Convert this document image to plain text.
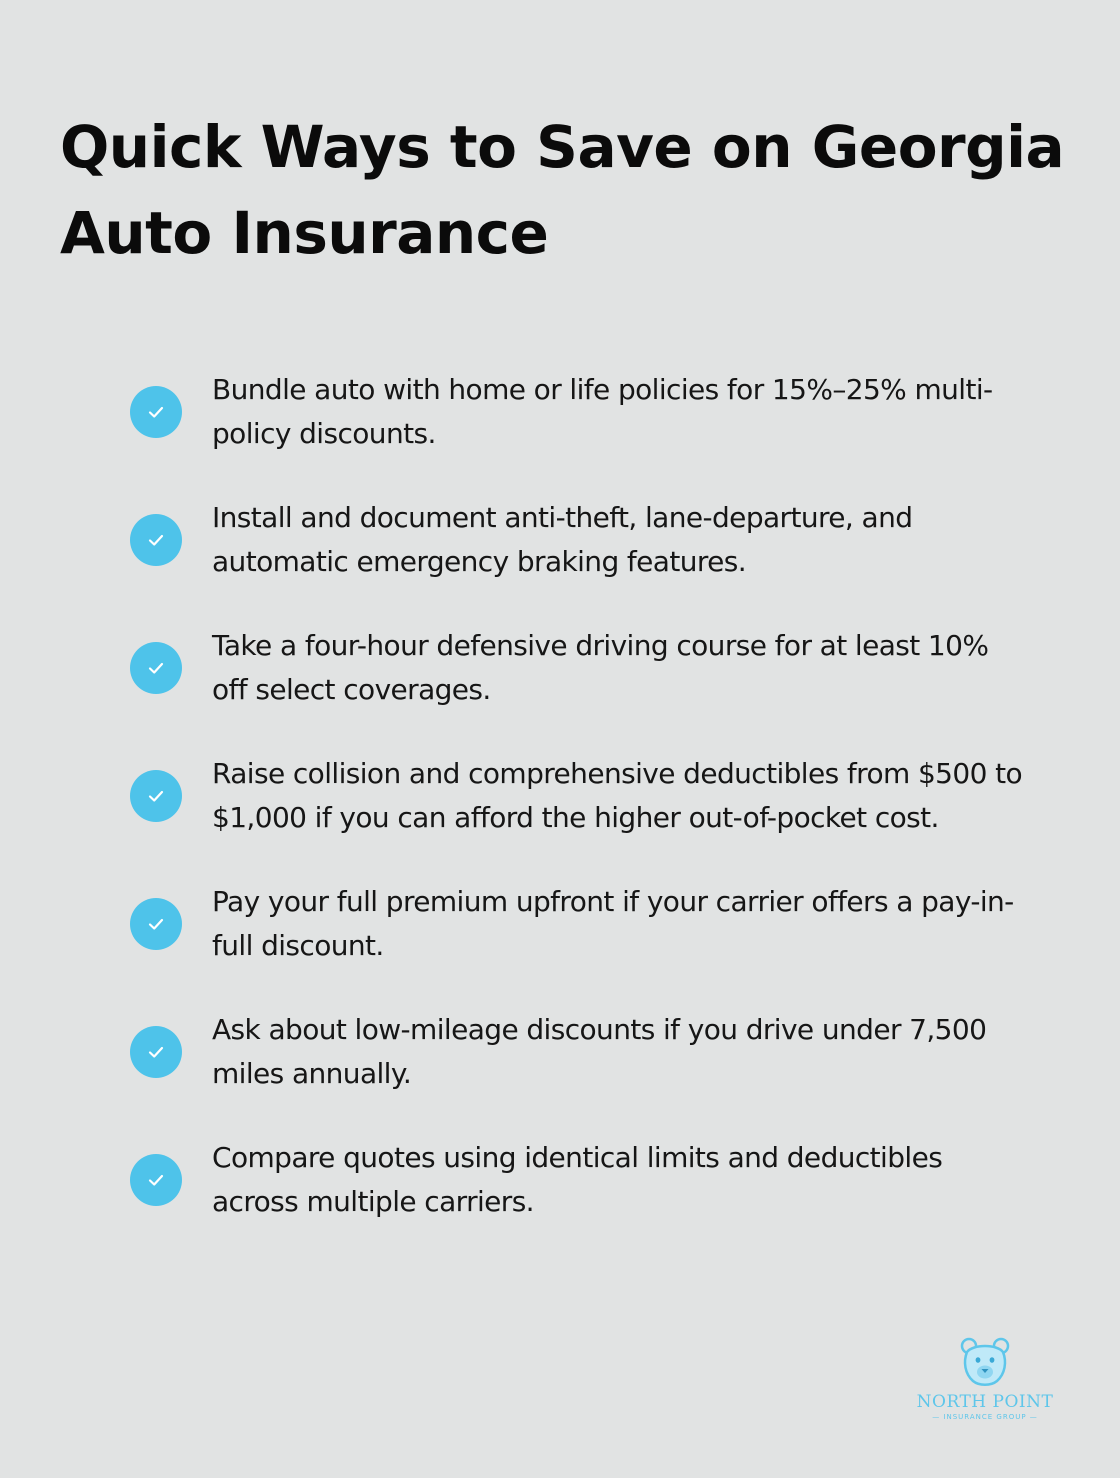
Quick Ways to Save on Georgia Auto Insurance
Bundle auto with home or life policies for 15%–25% multi-policy discounts.
Install and document anti-theft, lane-departure, and automatic emergency braking features.
Take a four-hour defensive driving course for at least 10% off select coverages.
Raise collision and comprehensive deductibles from $500 to $1,000 if you can afford the higher out-of-pocket cost.
Pay your full premium upfront if your carrier offers a pay-in-full discount.
Ask about low-mileage discounts if you drive under 7,500 miles annually.
Compare quotes using identical limits and deductibles across multiple carriers.
NORTH POINT
— INSURANCE GROUP —
